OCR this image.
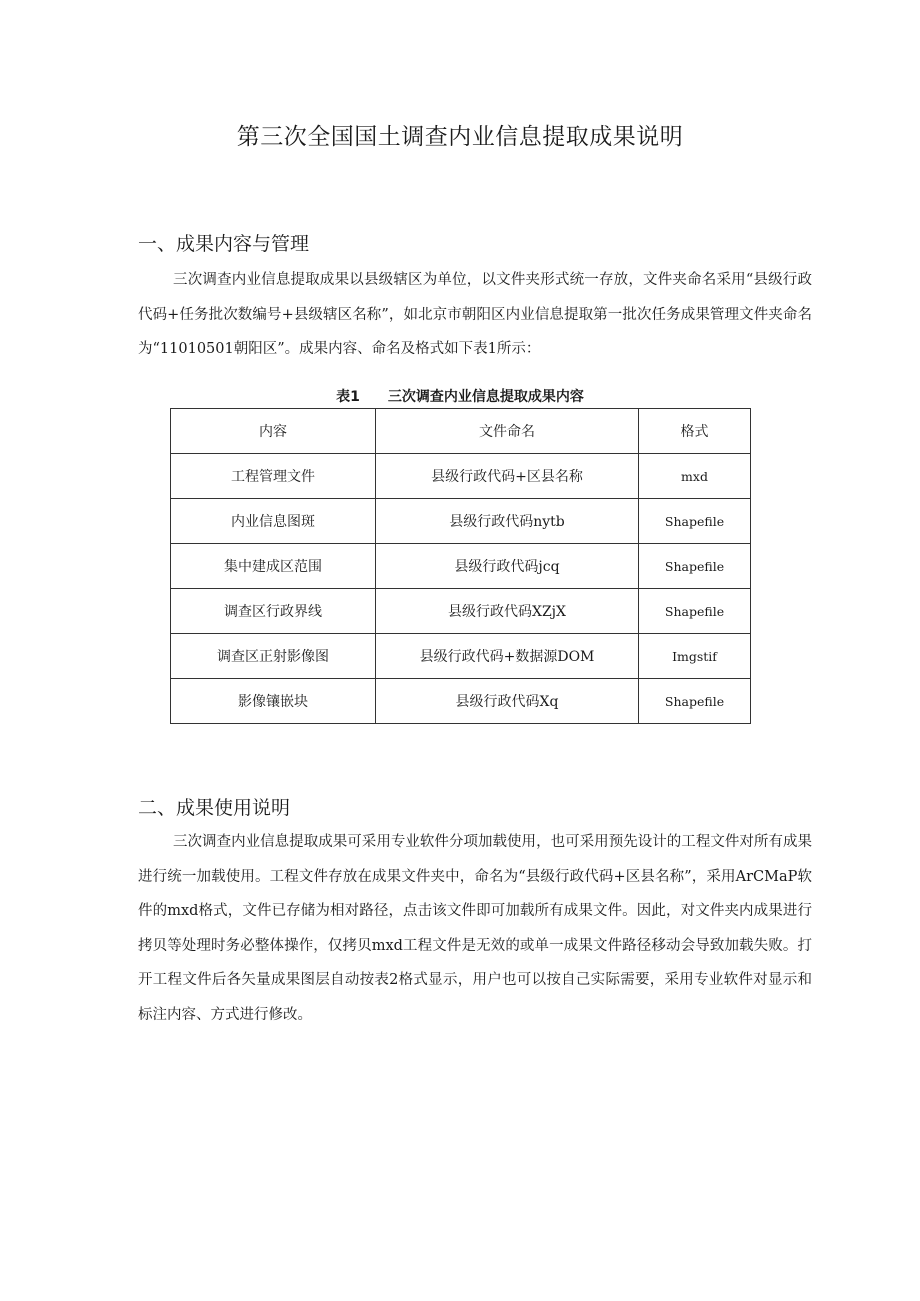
第三次全国国土调查内业信息提取成果说明
一、成果内容与管理

三次调查内业信息提取成果以县级辖区为单位，以文件夹形式统一存放，文件夹命名采用“县级行政代码+任务批次数编号+县级辖区名称”，如北京市朝阳区内业信息提取第一批次任务成果管理文件夹命名为“11010501朝阳区”。成果内容、命名及格式如下表1所示：

表1 三次调查内业信息提取成果内容
内容	文件命名	格式
工程管理文件	县级行政代码+区县名称	mxd
内业信息图斑	县级行政代码nytb	Shapefile
集中建成区范围	县级行政代码jcq	Shapefile
调查区行政界线	县级行政代码XZjX	Shapefile
调查区正射影像图	县级行政代码+数据源DOM	Imgstif
影像镶嵌块	县级行政代码Xq	Shapefile
二、成果使用说明

三次调查内业信息提取成果可采用专业软件分项加载使用，也可采用预先设计的工程文件对所有成果进行统一加载使用。工程文件存放在成果文件夹中，命名为“县级行政代码+区县名称”，采用ArCMaP软件的mxd格式，文件已存储为相对路径，点击该文件即可加载所有成果文件。因此，对文件夹内成果进行拷贝等处理时务必整体操作，仅拷贝mxd工程文件是无效的或单一成果文件路径移动会导致加载失败。打开工程文件后各矢量成果图层自动按表2格式显示，用户也可以按自己实际需要，采用专业软件对显示和标注内容、方式进行修改。
